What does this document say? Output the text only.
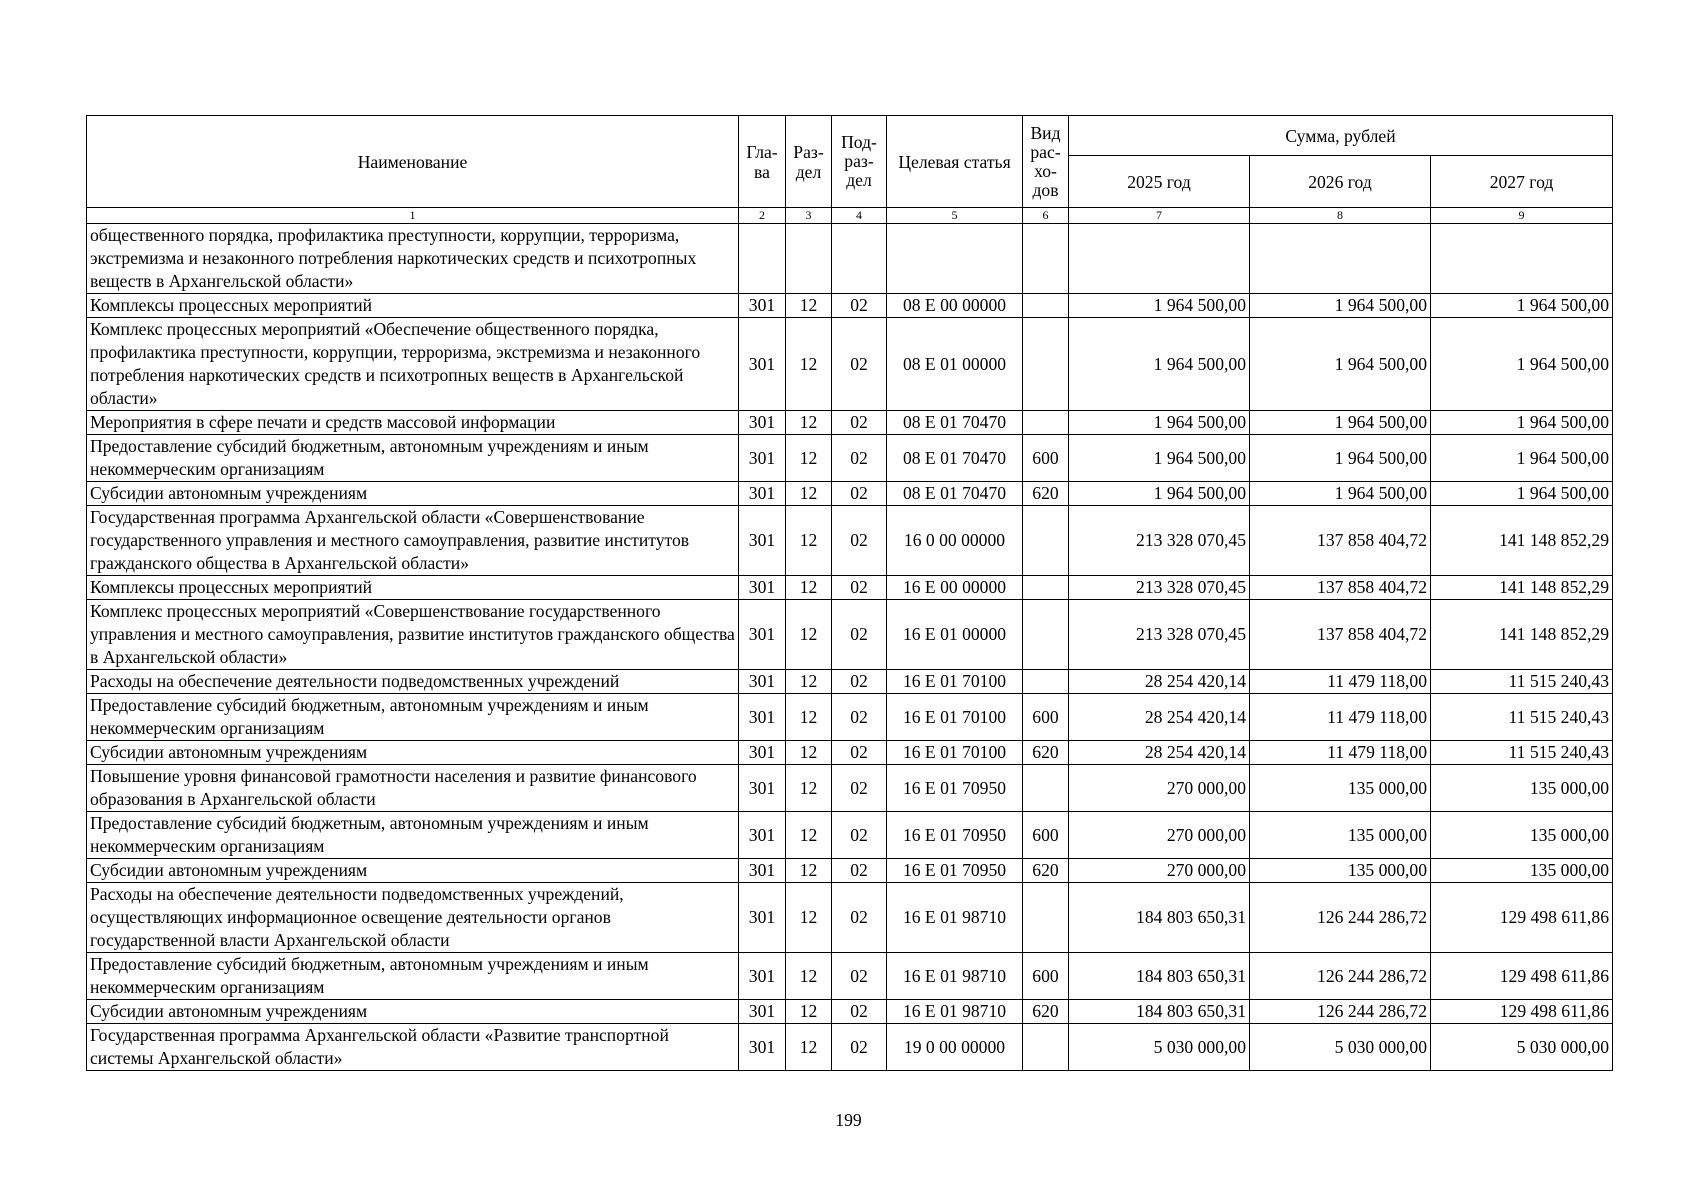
Наименование	Гла-ва	Раз-дел	Под-раз-дел	Целевая статья	Вид рас-хо-дов	Сумма, рублей		
						2025 год	2026 год	2027 год
1	2	3	4	5	6	7	8	9
общественного порядка, профилактика преступности, коррупции, терроризма, экстремизма и незаконного потребления наркотических средств и психотропных веществ в Архангельской области»								
Комплексы процессных мероприятий	301	12	02	08 Е 00 00000		1 964 500,00	1 964 500,00	1 964 500,00
Комплекс процессных мероприятий «Обеспечение общественного порядка, профилактика преступности, коррупции, терроризма, экстремизма и незаконного потребления наркотических средств и психотропных веществ в Архангельской области»	301	12	02	08 Е 01 00000		1 964 500,00	1 964 500,00	1 964 500,00
Мероприятия в сфере печати и средств массовой информации	301	12	02	08 Е 01 70470		1 964 500,00	1 964 500,00	1 964 500,00
Предоставление субсидий бюджетным, автономным учреждениям и иным некоммерческим организациям	301	12	02	08 Е 01 70470	600	1 964 500,00	1 964 500,00	1 964 500,00
Субсидии автономным учреждениям	301	12	02	08 Е 01 70470	620	1 964 500,00	1 964 500,00	1 964 500,00
Государственная программа Архангельской области «Совершенствование государственного управления и местного самоуправления, развитие институтов гражданского общества в Архангельской области»	301	12	02	16 0 00 00000		213 328 070,45	137 858 404,72	141 148 852,29
Комплексы процессных мероприятий	301	12	02	16 Е 00 00000		213 328 070,45	137 858 404,72	141 148 852,29
Комплекс процессных мероприятий «Совершенствование государственного управления и местного самоуправления, развитие институтов гражданского общества в Архангельской области»	301	12	02	16 Е 01 00000		213 328 070,45	137 858 404,72	141 148 852,29
Расходы на обеспечение деятельности подведомственных учреждений	301	12	02	16 Е 01 70100		28 254 420,14	11 479 118,00	11 515 240,43
Предоставление субсидий бюджетным, автономным учреждениям и иным некоммерческим организациям	301	12	02	16 Е 01 70100	600	28 254 420,14	11 479 118,00	11 515 240,43
Субсидии автономным учреждениям	301	12	02	16 Е 01 70100	620	28 254 420,14	11 479 118,00	11 515 240,43
Повышение уровня финансовой грамотности населения и развитие финансового образования в Архангельской области	301	12	02	16 Е 01 70950		270 000,00	135 000,00	135 000,00
Предоставление субсидий бюджетным, автономным учреждениям и иным некоммерческим организациям	301	12	02	16 Е 01 70950	600	270 000,00	135 000,00	135 000,00
Субсидии автономным учреждениям	301	12	02	16 Е 01 70950	620	270 000,00	135 000,00	135 000,00
Расходы на обеспечение деятельности подведомственных учреждений, осуществляющих информационное освещение деятельности органов государственной власти Архангельской области	301	12	02	16 Е 01 98710		184 803 650,31	126 244 286,72	129 498 611,86
Предоставление субсидий бюджетным, автономным учреждениям и иным некоммерческим организациям	301	12	02	16 Е 01 98710	600	184 803 650,31	126 244 286,72	129 498 611,86
Субсидии автономным учреждениям	301	12	02	16 Е 01 98710	620	184 803 650,31	126 244 286,72	129 498 611,86
Государственная программа Архангельской области «Развитие транспортной системы Архангельской области»	301	12	02	19 0 00 00000		5 030 000,00	5 030 000,00	5 030 000,00
199
